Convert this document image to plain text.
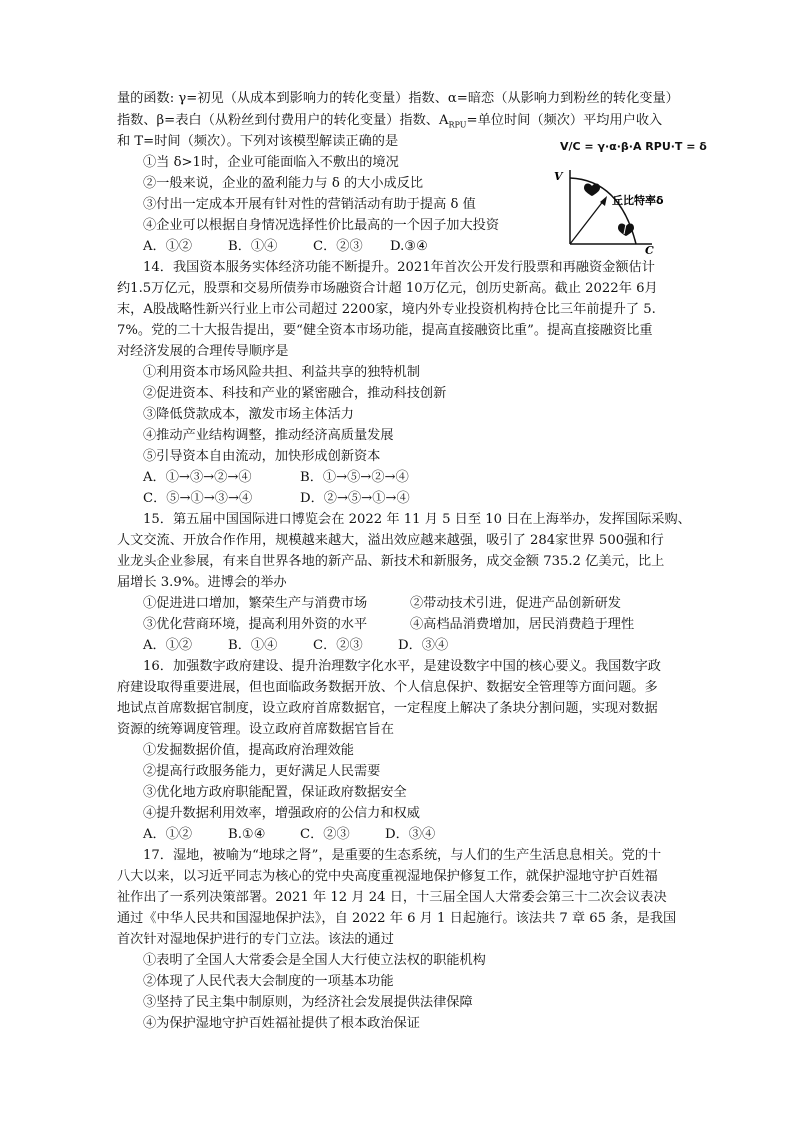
量的函数: γ=初见（从成本到影响力的转化变量）指数、α=暗恋（从影响力到粉丝的转化变量）
指数、β=表白（从粉丝到付费用户的转化变量）指数、$A_{RPU}=$单位时间（频次）平均用户收入
和 T=时间（频次）。下列对该模型解读正确的是
①当 δ>1时，企业可能面临入不敷出的境况
②一般来说，企业的盈利能力与 δ 的大小成反比
③付出一定成本开展有针对性的营销活动有助于提高 δ 值
④企业可以根据自身情况选择性价比最高的一个因子加大投资
A．①②	B．①④	C．②③ D.③④
V/C = γ·α·β·A RPU·T = δ
V
C
丘比特率δ
14．我国资本服务实体经济功能不断提升。2021年首次公开发行股票和再融资金额估计
约1.5万亿元，股票和交易所债券市场融资合计超 10万亿元，创历史新高。截止 2022年 6月
末，A股战略性新兴行业上市公司超过 2200家，境内外专业投资机构持仓比三年前提升了 5.
7%。党的二十大报告提出，要“健全资本市场功能，提高直接融资比重”。提高直接融资比重
对经济发展的合理传导顺序是
①利用资本市场风险共担、利益共享的独特机制
②促进资本、科技和产业的紧密融合，推动科技创新
③降低贷款成本，激发市场主体活力
④推动产业结构调整，推动经济高质量发展
⑤引导资本自由流动，加快形成创新资本
A．①→③→②→④	B．①→⑤→②→④
C．⑤→①→③→④	D．②→⑤→①→④
15．第五届中国国际进口博览会在 2022 年 11 月 5 日至 10 日在上海举办，发挥国际采购、
人文交流、开放合作作用，规模越来越大，溢出效应越来越强，吸引了 284家世界 500强和行
业龙头企业参展，有来自世界各地的新产品、新技术和新服务，成交金额 735.2 亿美元，比上
届增长 3.9%。进博会的举办
①促进进口增加，繁荣生产与消费市场	②带动技术引进，促进产品创新研发
③优化营商环境，提高利用外资的水平	④高档品消费增加，居民消费趋于理性
A．①②	B．①④	C．②③	D．③④
16．加强数字政府建设、提升治理数字化水平，是建设数字中国的核心要义。我国数字政
府建设取得重要进展，但也面临政务数据开放、个人信息保护、数据安全管理等方面问题。多
地试点首席数据官制度，设立政府首席数据官，一定程度上解决了条块分割问题，实现对数据
资源的统筹调度管理。设立政府首席数据官旨在
①发掘数据价值，提高政府治理效能
②提高行政服务能力，更好满足人民需要
③优化地方政府职能配置，保证政府数据安全
④提升数据利用效率，增强政府的公信力和权威
A．①②	B.①④	C．②③	D．③④
17．湿地，被喻为“地球之肾”，是重要的生态系统，与人们的生产生活息息相关。党的十
八大以来，以习近平同志为核心的党中央高度重视湿地保护修复工作，就保护湿地守护百姓福
祉作出了一系列决策部署。2021 年 12 月 24 日，十三届全国人大常委会第三十二次会议表决
通过《中华人民共和国湿地保护法》，自 2022 年 6 月 1 日起施行。该法共 7 章 65 条，是我国
首次针对湿地保护进行的专门立法。该法的通过
①表明了全国人大常委会是全国人大行使立法权的职能机构
②体现了人民代表大会制度的一项基本功能
③坚持了民主集中制原则，为经济社会发展提供法律保障
④为保护湿地守护百姓福祉提供了根本政治保证
